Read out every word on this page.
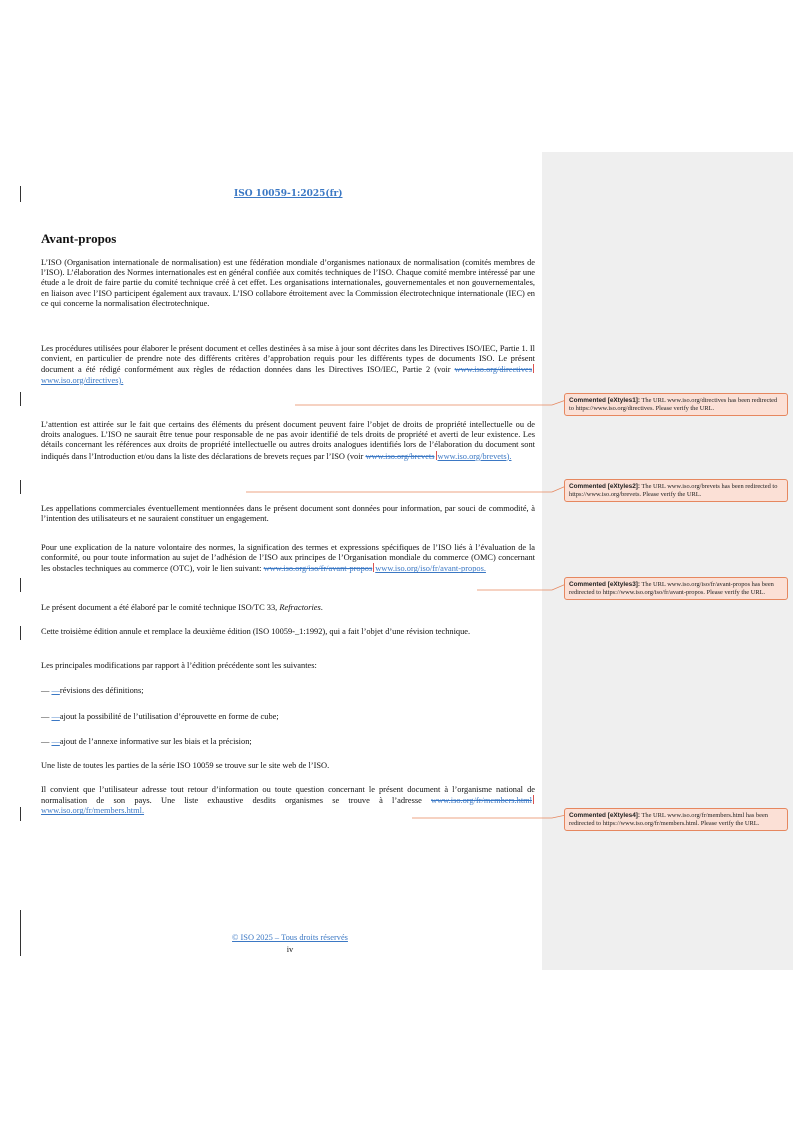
ISO 10059-1:2025(fr)
Avant-propos
L’ISO (Organisation internationale de normalisation) est une fédération mondiale d’organismes nationaux de normalisation (comités membres de l’ISO). L’élaboration des Normes internationales est en général confiée aux comités techniques de l’ISO. Chaque comité membre intéressé par une étude a le droit de faire partie du comité technique créé à cet effet. Les organisations internationales, gouvernementales et non gouvernementales, en liaison avec l’ISO participent également aux travaux. L’ISO collabore étroitement avec la Commission électrotechnique internationale (IEC) en ce qui concerne la normalisation électrotechnique.
Les procédures utilisées pour élaborer le présent document et celles destinées à sa mise à jour sont décrites dans les Directives ISO/IEC, Partie 1. Il convient, en particulier de prendre note des différents critères d’approbation requis pour les différents types de documents ISO. Le présent document a été rédigé conformément aux règles de rédaction données dans les Directives ISO/IEC, Partie 2 (voir www.iso.org/directiveswww.iso.org/directives).
L’attention est attirée sur le fait que certains des éléments du présent document peuvent faire l’objet de droits de propriété intellectuelle ou de droits analogues. L’ISO ne saurait être tenue pour responsable de ne pas avoir identifié de tels droits de propriété et averti de leur existence. Les détails concernant les références aux droits de propriété intellectuelle ou autres droits analogues identifiés lors de l’élaboration du document sont indiqués dans l’Introduction et/ou dans la liste des déclarations de brevets reçues par l’ISO (voir www.iso.org/brevets www.iso.org/brevets).
Les appellations commerciales éventuellement mentionnées dans le présent document sont données pour information, par souci de commodité, à l’intention des utilisateurs et ne sauraient constituer un engagement.
Pour une explication de la nature volontaire des normes, la signification des termes et expressions spécifiques de l’ISO liés à l’évaluation de la conformité, ou pour toute information au sujet de l’adhésion de l’ISO aux principes de l’Organisation mondiale du commerce (OMC) concernant les obstacles techniques au commerce (OTC), voir le lien suivant: www.iso.org/iso/fr/avant-propos www.iso.org/iso/fr/avant-propos.
Le présent document a été élaboré par le comité technique ISO/TC 33, Refractories.
Cette troisième édition annule et remplace la deuxième édition (ISO 10059-_1:1992), qui a fait l’objet d’une révision technique.
Les principales modifications par rapport à l’édition précédente sont les suivantes:
— —révisions des définitions;
— —ajout la possibilité de l’utilisation d’éprouvette en forme de cube;
— —ajout de l’annexe informative sur les biais et la précision;
Une liste de toutes les parties de la série ISO 10059 se trouve sur le site web de l’ISO.
Il convient que l’utilisateur adresse tout retour d’information ou toute question concernant le présent document à l’organisme national de normalisation de son pays. Une liste exhaustive desdits organismes se trouve à l’adresse www.iso.org/fr/members.htmlwww.iso.org/fr/members.html.
© ISO 2025 – Tous droits réservés
iv
Commented [eXtyles1]: The URL www.iso.org/directives has been redirected to https://www.iso.org/directives. Please verify the URL.
Commented [eXtyles2]: The URL www.iso.org/brevets has been redirected to https://www.iso.org/brevets. Please verify the URL.
Commented [eXtyles3]: The URL www.iso.org/iso/fr/avant-propos has been redirected to https://www.iso.org/iso/fr/avant-propos. Please verify the URL.
Commented [eXtyles4]: The URL www.iso.org/fr/members.html has been redirected to https://www.iso.org/fr/members.html. Please verify the URL.
